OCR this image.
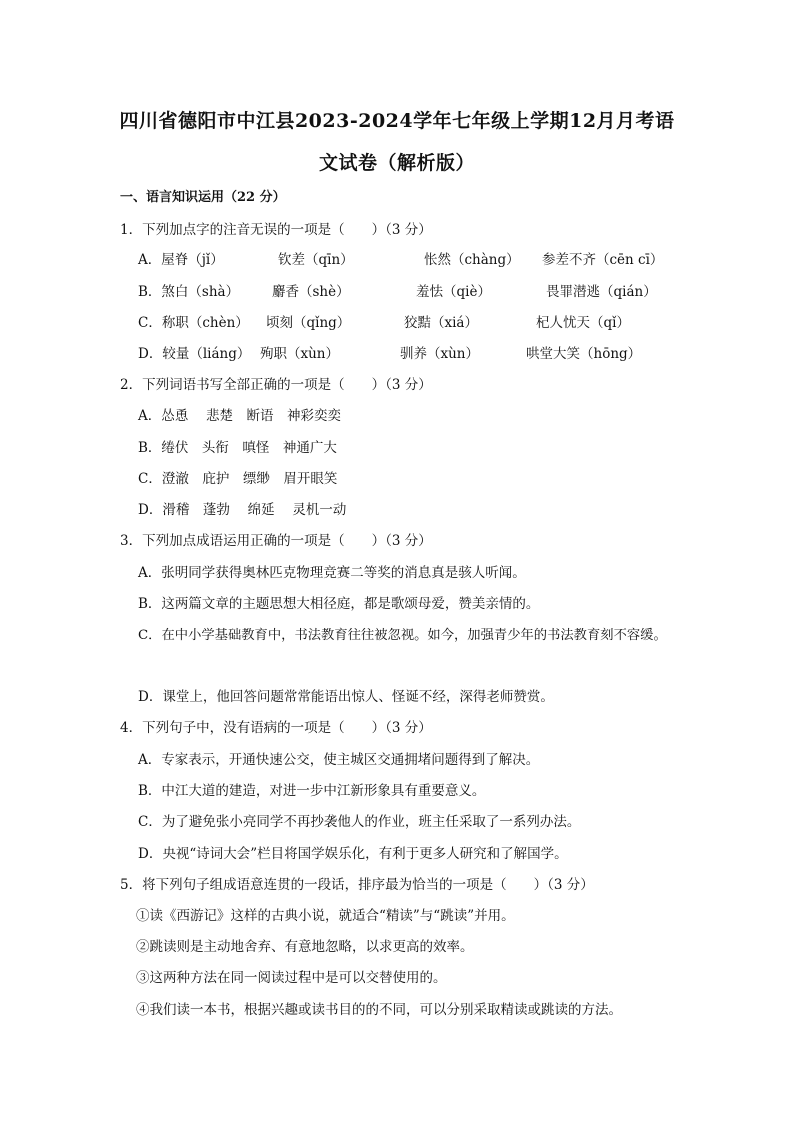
四川省德阳市中江县2023-2024学年七年级上学期12月月考语
文试卷（解析版）
一、语言知识运用（22 分）
1．下列加点字的注音无误的一项是（　　）（3 分）
A．屋脊（jǐ）	钦差（qīn）	怅然（chàng） 参差不齐（cēn cī）
B．煞白（shà） 麝香（shè）	羞怯（qiè）	畏罪潜逃（qián）
C．称职（chèn） 顷刻（qǐng）	狡黠（xiá）	杞人忧天（qǐ）
D．较量（liáng） 殉职（xùn）	驯养（xùn）	哄堂大笑（hōng）
2．下列词语书写全部正确的一项是（　　）（3 分）
A．怂恿　 悲楚　断语　神彩奕奕
B．绻伏　头衔　嗔怪　神通广大
C．澄澈　庇护　缥缈　眉开眼笑
D．滑稽　蓬勃　 绵延　 灵机一动
3．下列加点成语运用正确的一项是（　　）（3 分）
A．张明同学获得奥林匹克物理竞赛二等奖的消息真是骇人听闻。
B．这两篇文章的主题思想大相径庭，都是歌颂母爱，赞美亲情的。
C．在中小学基础教育中，书法教育往往被忽视。如今，加强青少年的书法教育刻不容缓。
D．课堂上，他回答问题常常能语出惊人、怪诞不经，深得老师赞赏。
4．下列句子中，没有语病的一项是（　　）（3 分）
A．专家表示，开通快速公交，使主城区交通拥堵问题得到了解决。
B．中江大道的建造，对进一步中江新形象具有重要意义。
C．为了避免张小亮同学不再抄袭他人的作业，班主任采取了一系列办法。
D．央视“诗词大会”栏目将国学娱乐化，有利于更多人研究和了解国学。
5．将下列句子组成语意连贯的一段话，排序最为恰当的一项是（　　）（3 分）
①读《西游记》这样的古典小说，就适合“精读”与“跳读”并用。
②跳读则是主动地舍弃、有意地忽略，以求更高的效率。
③这两种方法在同一阅读过程中是可以交替使用的。
④我们读一本书，根据兴趣或读书目的的不同，可以分别采取精读或跳读的方法。
